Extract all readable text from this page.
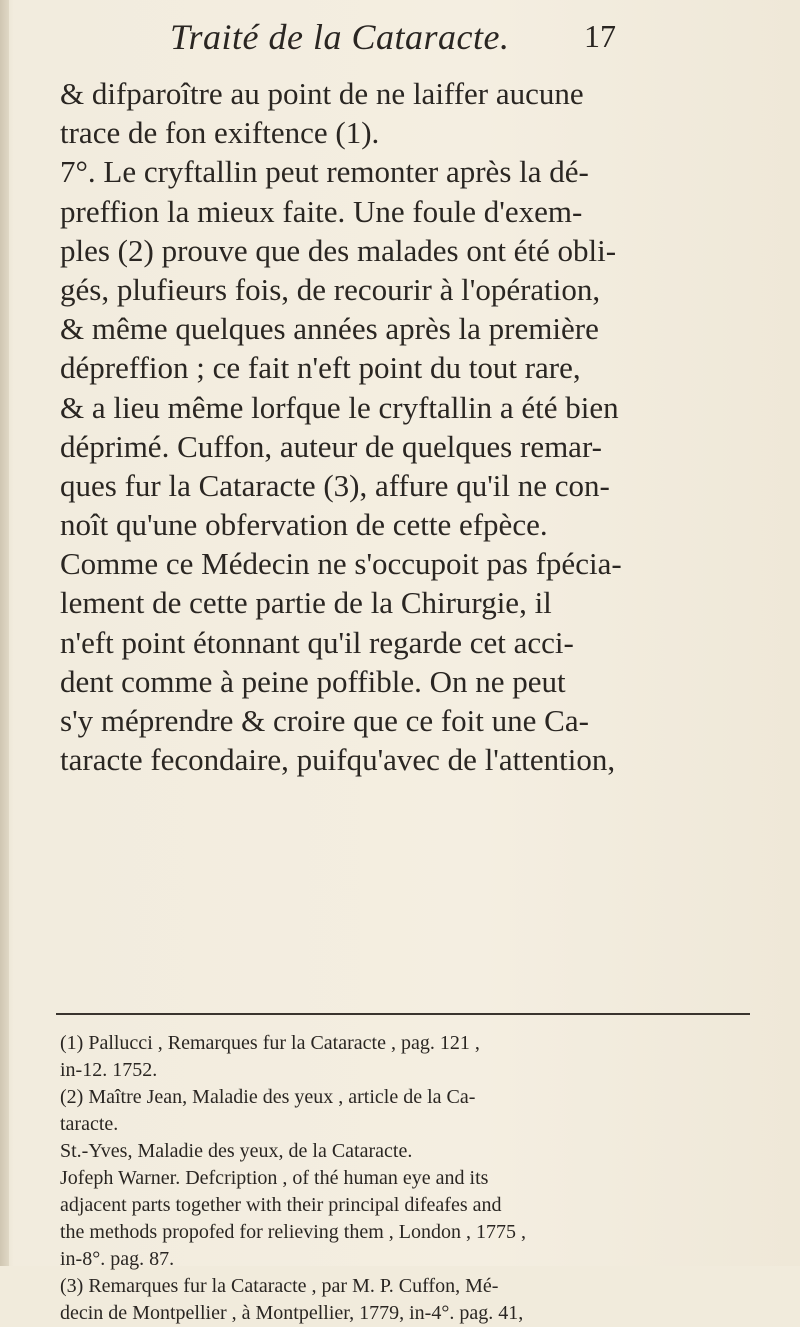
Traité de la Cataracte. 17
& difparoître au point de ne laiffer aucune
trace de fon exiftence (1).
7°. Le cryftallin peut remonter après la dé-
preffion la mieux faite. Une foule d'exem-
ples (2) prouve que des malades ont été obli-
gés, plufieurs fois, de recourir à l'opération,
& même quelques années après la première
dépreffion ; ce fait n'eft point du tout rare,
& a lieu même lorfque le cryftallin a été bien
déprimé. Cuffon, auteur de quelques remar-
ques fur la Cataracte (3), affure qu'il ne con-
noît qu'une obfervation de cette efpèce.
Comme ce Médecin ne s'occupoit pas fpécia-
lement de cette partie de la Chirurgie, il
n'eft point étonnant qu'il regarde cet acci-
dent comme à peine poffible. On ne peut
s'y méprendre & croire que ce foit une Ca-
taracte fecondaire, puifqu'avec de l'attention,
(1) Pallucci , Remarques fur la Cataracte , pag. 121 ,
in-12. 1752.
(2) Maître Jean, Maladie des yeux , article de la Ca-
taracte.
St.-Yves, Maladie des yeux, de la Cataracte.
Jofeph Warner. Defcription , of thé human eye and its
adjacent parts together with their principal difeafes and
the methods propofed for relieving them , London , 1775 ,
in-8°. pag. 87.
(3) Remarques fur la Cataracte , par M. P. Cuffon, Mé-
decin de Montpellier , à Montpellier, 1779, in-4°. pag. 41,
